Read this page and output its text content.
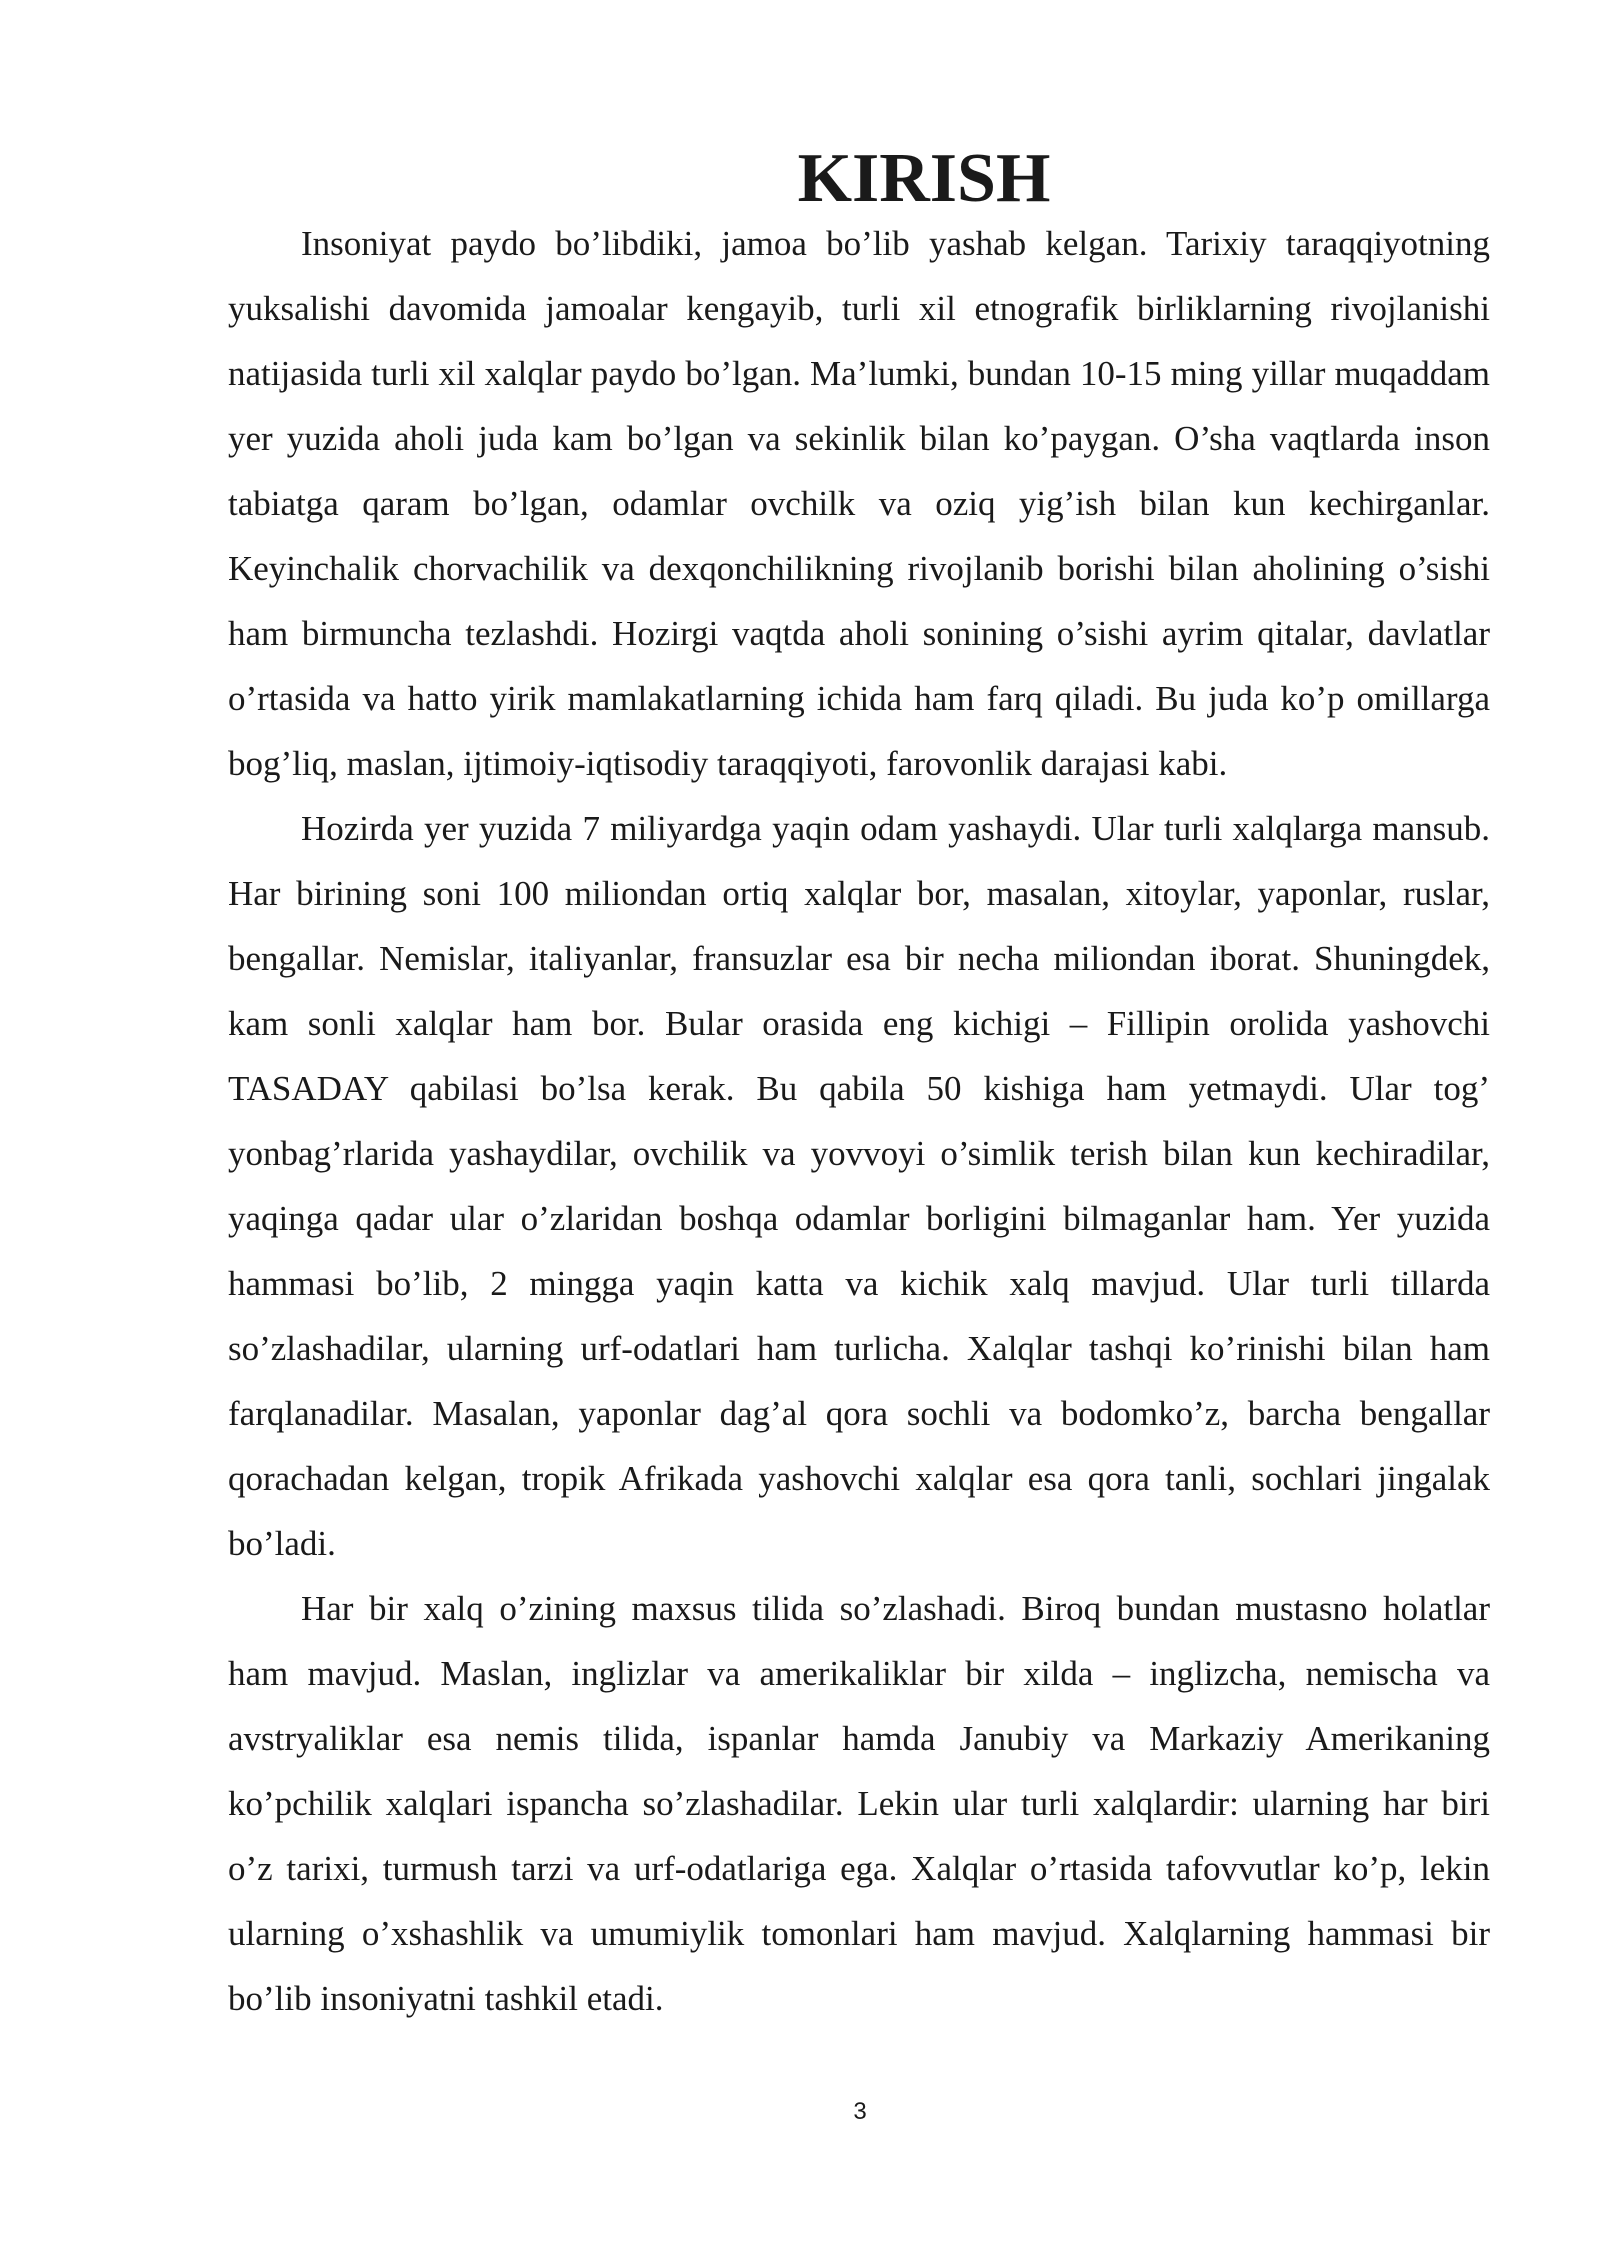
KIRISH

Insoniyat paydo bo’libdiki, jamoa bo’lib yashab kelgan. Tarixiy taraqqiyotning yuksalishi davomida jamoalar kengayib, turli xil etnografik birliklarning rivojlanishi natijasida turli xil xalqlar paydo bo’lgan. Ma’lumki, bundan 10-15 ming yillar muqaddam yer yuzida aholi juda kam bo’lgan va sekinlik bilan ko’paygan. O’sha vaqtlarda inson tabiatga qaram bo’lgan, odamlar ovchilk va oziq yig’ish bilan kun kechirganlar. Keyinchalik chorvachilik va dexqonchilikning rivojlanib borishi bilan aholining o’sishi ham birmuncha tezlashdi. Hozirgi vaqtda aholi sonining o’sishi ayrim qitalar, davlatlar o’rtasida va hatto yirik mamlakatlarning ichida ham farq qiladi. Bu juda ko’p omillarga bog’liq, maslan, ijtimoiy-iqtisodiy taraqqiyoti, farovonlik darajasi kabi.

Hozirda yer yuzida 7 miliyardga yaqin odam yashaydi. Ular turli xalqlarga mansub. Har birining soni 100 miliondan ortiq xalqlar bor, masalan, xitoylar, yaponlar, ruslar, bengallar. Nemislar, italiyanlar, fransuzlar esa bir necha miliondan iborat. Shuningdek, kam sonli xalqlar ham bor. Bular orasida eng kichigi – Fillipin orolida yashovchi TASADAY qabilasi bo’lsa kerak. Bu qabila 50 kishiga ham yetmaydi. Ular tog’ yonbag’rlarida yashaydilar, ovchilik va yovvoyi o’simlik terish bilan kun kechiradilar, yaqinga qadar ular o’zlaridan boshqa odamlar borligini bilmaganlar ham. Yer yuzida hammasi bo’lib, 2 mingga yaqin katta va kichik xalq mavjud. Ular turli tillarda so’zlashadilar, ularning urf-odatlari ham turlicha. Xalqlar tashqi ko’rinishi bilan ham farqlanadilar. Masalan, yaponlar dag’al qora sochli va bodomko’z, barcha bengallar qorachadan kelgan, tropik Afrikada yashovchi xalqlar esa qora tanli, sochlari jingalak bo’ladi.

Har bir xalq o’zining maxsus tilida so’zlashadi. Biroq bundan mustasno holatlar ham mavjud. Maslan, inglizlar va amerikaliklar bir xilda – inglizcha, nemischa va avstryaliklar esa nemis tilida, ispanlar hamda Janubiy va Markaziy Amerikaning ko’pchilik xalqlari ispancha so’zlashadilar. Lekin ular turli xalqlardir: ularning har biri o’z tarixi, turmush tarzi va urf-odatlariga ega. Xalqlar o’rtasida tafovvutlar ko’p, lekin ularning o’xshashlik va umumiylik tomonlari ham mavjud. Xalqlarning hammasi bir bo’lib insoniyatni tashkil etadi.

3
